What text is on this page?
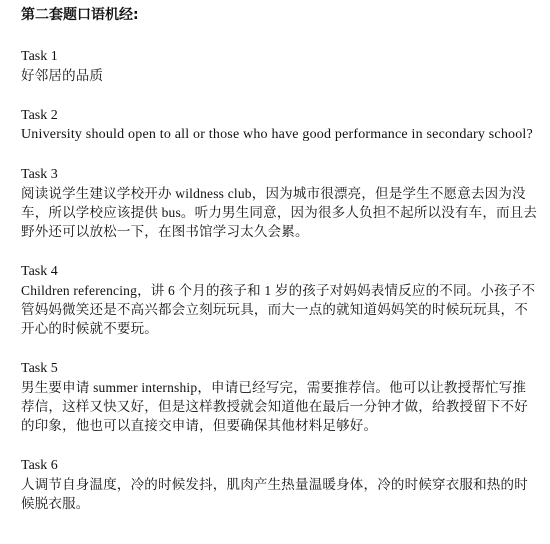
第二套题口语机经:

Task 1

好邻居的品质

Task 2

University should open to all or those who have good performance in secondary school?

Task 3

阅读说学生建议学校开办 wildness club，因为城市很漂亮，但是学生不愿意去因为没车，所以学校应该提供 bus。听力男生同意，因为很多人负担不起所以没有车，而且去野外还可以放松一下，在图书馆学习太久会累。

Task 4

Children referencing，讲 6 个月的孩子和 1 岁的孩子对妈妈表情反应的不同。小孩子不管妈妈微笑还是不高兴都会立刻玩玩具，而大一点的就知道妈妈笑的时候玩玩具，不开心的时候就不要玩。

Task 5

男生要申请 summer internship，申请已经写完，需要推荐信。他可以让教授帮忙写推荐信，这样又快又好，但是这样教授就会知道他在最后一分钟才做，给教授留下不好的印象，他也可以直接交申请，但要确保其他材料足够好。

Task 6

人调节自身温度，冷的时候发抖，肌肉产生热量温暖身体，冷的时候穿衣服和热的时候脱衣服。
